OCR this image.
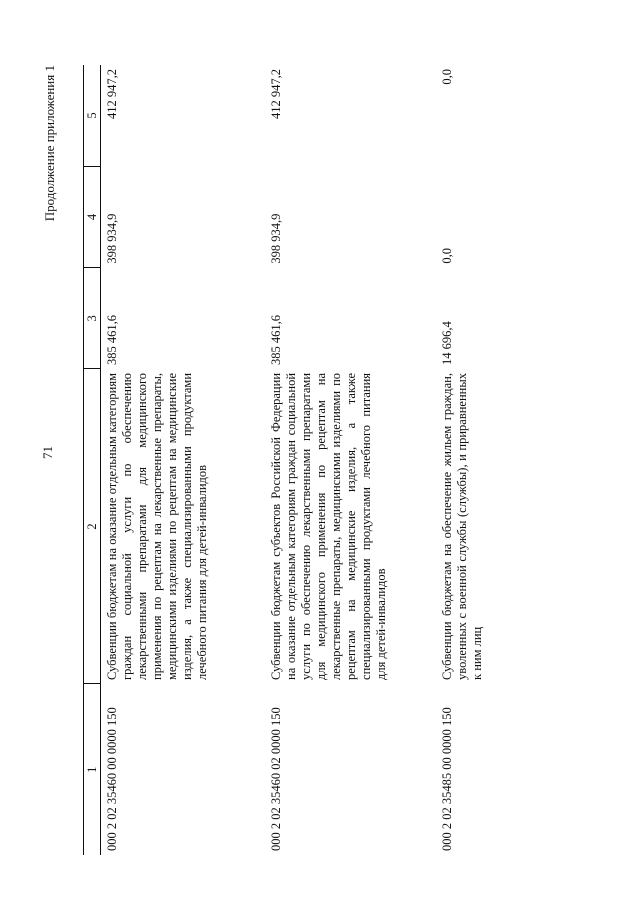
71
Продолжение приложения 1
1	2	3	4	5
000 2 02 35460 00 0000 150	Субвенции бюджетам на оказание отдельным категориям граждан социальной услуги по обеспечению лекарственными препаратами для медицинского применения по рецептам на лекарственные препараты, медицинскими изделиями по рецептам на медицинские изделия, а также специализированными продуктами лечебного питания для детей-инвалидов	385 461,6	398 934,9	412 947,2
000 2 02 35460 02 0000 150	Субвенции бюджетам субъектов Российской Федерации на оказание отдельным категориям граждан социальной услуги по обеспечению лекарственными препаратами для медицинского применения по рецептам на лекарственные препараты, медицинскими изделиями по рецептам на медицинские изделия, а также специализированными продуктами лечебного питания для детей-инвалидов	385 461,6	398 934,9	412 947,2
000 2 02 35485 00 0000 150	Субвенции бюджетам на обеспечение жильем граждан, уволенных с военной службы (службы), и приравненных к ним лиц	14 696,4	0,0	0,0
